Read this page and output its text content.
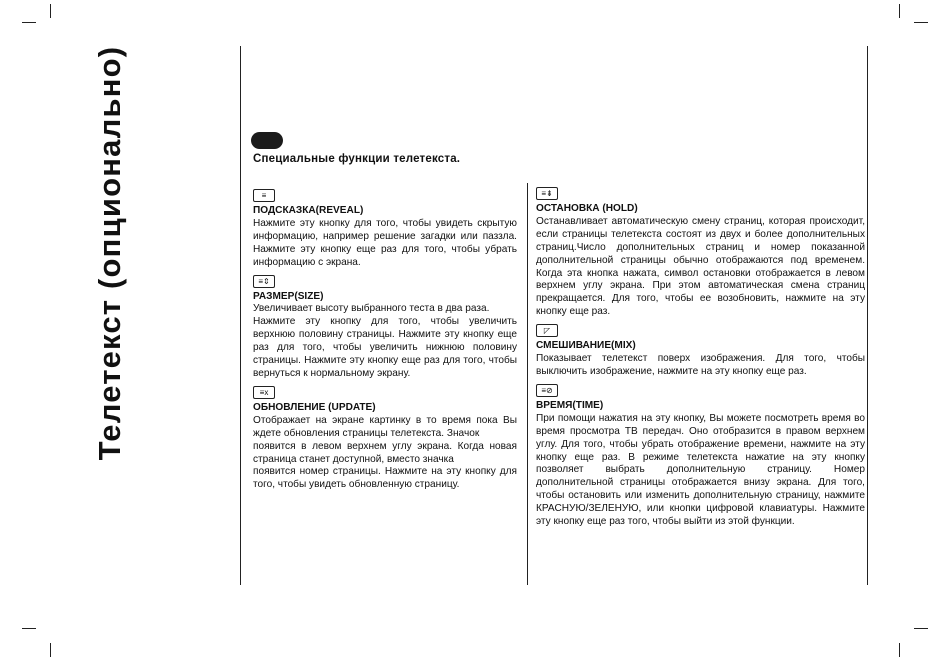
Телетекст (опционально)	Специальные функции телетекста.
≡
ПОДСКАЗКА(REVEAL)
Нажмите эту кнопку для того, чтобы увидеть скрытую информацию, например решение загадки или паззла. Нажмите эту кнопку еще раз для того, чтобы убрать информацию с экрана.
≡⇕
РАЗМЕР(SIZE)
Увеличивает высоту выбранного теста в два раза.
Нажмите эту кнопку для того, чтобы увеличить верхнюю половину страницы. Нажмите эту кнопку еще раз для того, чтобы увеличить нижнюю половину страницы. Нажмите эту кнопку еще раз для того, чтобы вернуться к нормальному экрану.
≡x
ОБНОВЛЕНИЕ (UPDATE)
Отображает на экране картинку в то время пока Вы ждете обновления страницы телетекста. Значок
появится в левом верхнем углу экрана. Когда новая страница станет доступной, вместо значка
появится номер страницы. Нажмите на эту кнопку для того, чтобы увидеть обновленную страницу.
≡⇟
ОСТАНОВКА (HOLD)
Останавливает автоматическую смену страниц, которая происходит, если страницы телетекста состоят из двух и более дополнительных страниц.Число дополнительных страниц и номер показанной дополнительной страницы обычно отображаются под временем. Когда эта кнопка нажата, символ остановки отображается в левом верхнем углу экрана. При этом автоматическая смена страниц прекращается. Для того, чтобы ее возобновить, нажмите на эту кнопку еще раз.
◸
СМЕШИВАНИЕ(MIX)
Показывает телетекст поверх изображения. Для того, чтобы выключить изображение, нажмите на эту кнопку еще раз.
≡⊘
ВРЕМЯ(TIME)
При помощи нажатия на эту кнопку, Вы можете посмотреть время во время просмотра ТВ передач. Оно отобразится в правом верхнем углу. Для того, чтобы убрать отображение времени, нажмите на эту кнопку еще раз. В режиме телетекста нажатие на эту кнопку позволяет выбрать дополнительную страницу. Номер дополнительной страницы отображается внизу экрана. Для того, чтобы остановить или изменить дополнительную страницу, нажмите КРАСНУЮ/ЗЕЛЕНУЮ, или кнопки цифровой клавиатуры. Нажмите эту кнопку еще раз того, чтобы выйти из этой функции.
